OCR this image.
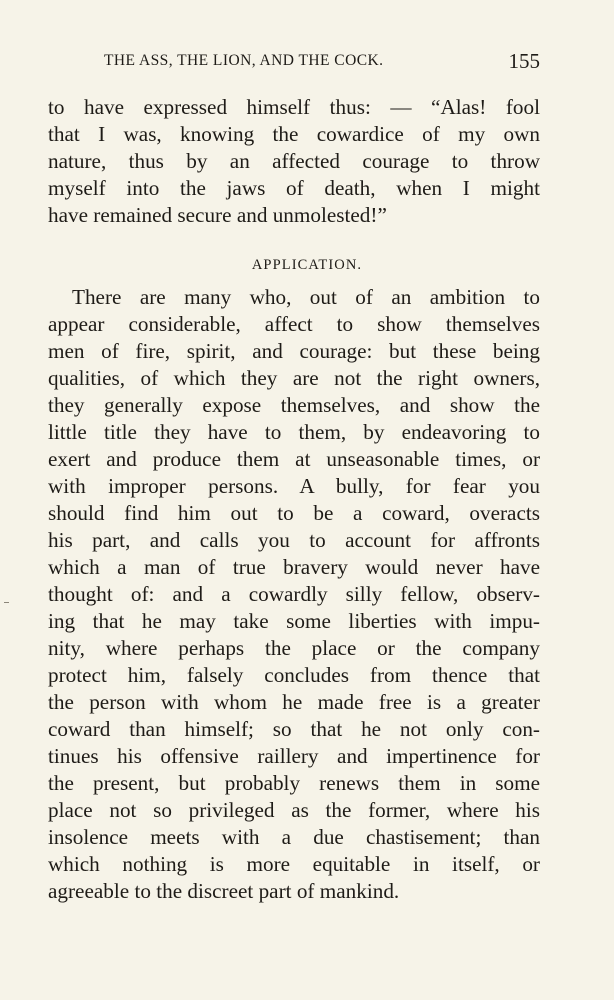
THE ASS, THE LION, AND THE COCK.	155
to have expressed himself thus: — “Alas! fool
that I was, knowing the cowardice of my own
nature, thus by an affected courage to throw
myself into the jaws of death, when I might
have remained secure and unmolested!”
APPLICATION.
There are many who, out of an ambition to
appear considerable, affect to show themselves
men of fire, spirit, and courage: but these being
qualities, of which they are not the right owners,
they generally expose themselves, and show the
little title they have to them, by endeavoring to
exert and produce them at unseasonable times, or
with improper persons. A bully, for fear you
should find him out to be a coward, overacts
his part, and calls you to account for affronts
which a man of true bravery would never have
thought of: and a cowardly silly fellow, observ-
ing that he may take some liberties with impu-
nity, where perhaps the place or the company
protect him, falsely concludes from thence that
the person with whom he made free is a greater
coward than himself; so that he not only con-
tinues his offensive raillery and impertinence for
the present, but probably renews them in some
place not so privileged as the former, where his
insolence meets with a due chastisement; than
which nothing is more equitable in itself, or
agreeable to the discreet part of mankind.
